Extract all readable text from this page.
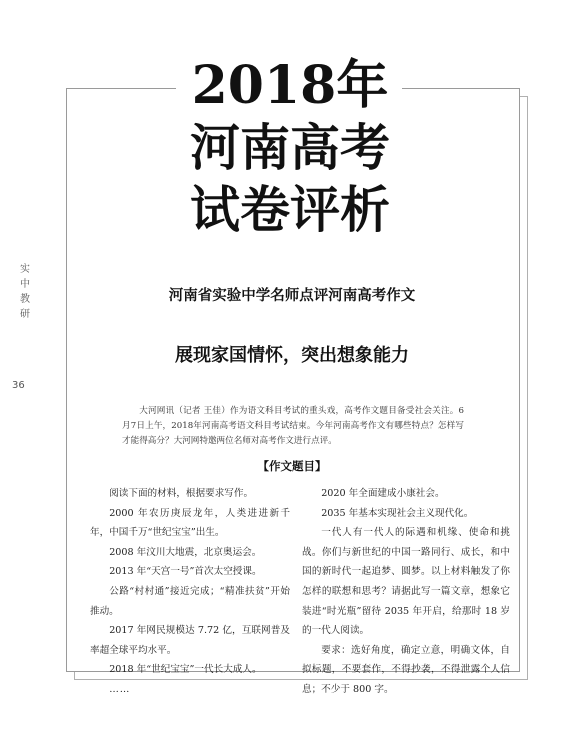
2018年
河南高考
试卷评析
实
中
教
研
36
河南省实验中学名师点评河南高考作文
展现家国情怀，突出想象能力
大河网讯（记者 王佳）作为语文科目考试的重头戏，高考作文题目备受社会关注。6月7日上午，2018年河南高考语文科目考试结束。今年河南高考作文有哪些特点？怎样写才能得高分？大河网特邀两位名师对高考作文进行点评。
【作文题目】

阅读下面的材料，根据要求写作。

2000 年农历庚辰龙年，人类进进新千年，中国千万“世纪宝宝”出生。

2008 年汶川大地震，北京奥运会。

2013 年“天宫一号”首次太空授课。

公路“村村通”接近完成；“精准扶贫”开始推动。

2017 年网民规模达 7.72 亿，互联网普及率超全球平均水平。

2018 年“世纪宝宝”一代长大成人。

……

2020 年全面建成小康社会。

2035 年基本实现社会主义现代化。

一代人有一代人的际遇和机缘、使命和挑战。你们与新世纪的中国一路同行、成长，和中国的新时代一起追梦、圆梦。以上材料触发了你怎样的联想和思考？请据此写一篇文章，想象它装进“时光瓶”留待 2035 年开启，给那时 18 岁的一代人阅读。

要求：选好角度，确定立意，明确文体，自拟标题，不要套作，不得抄袭，不得泄露个人信息；不少于 800 字。
